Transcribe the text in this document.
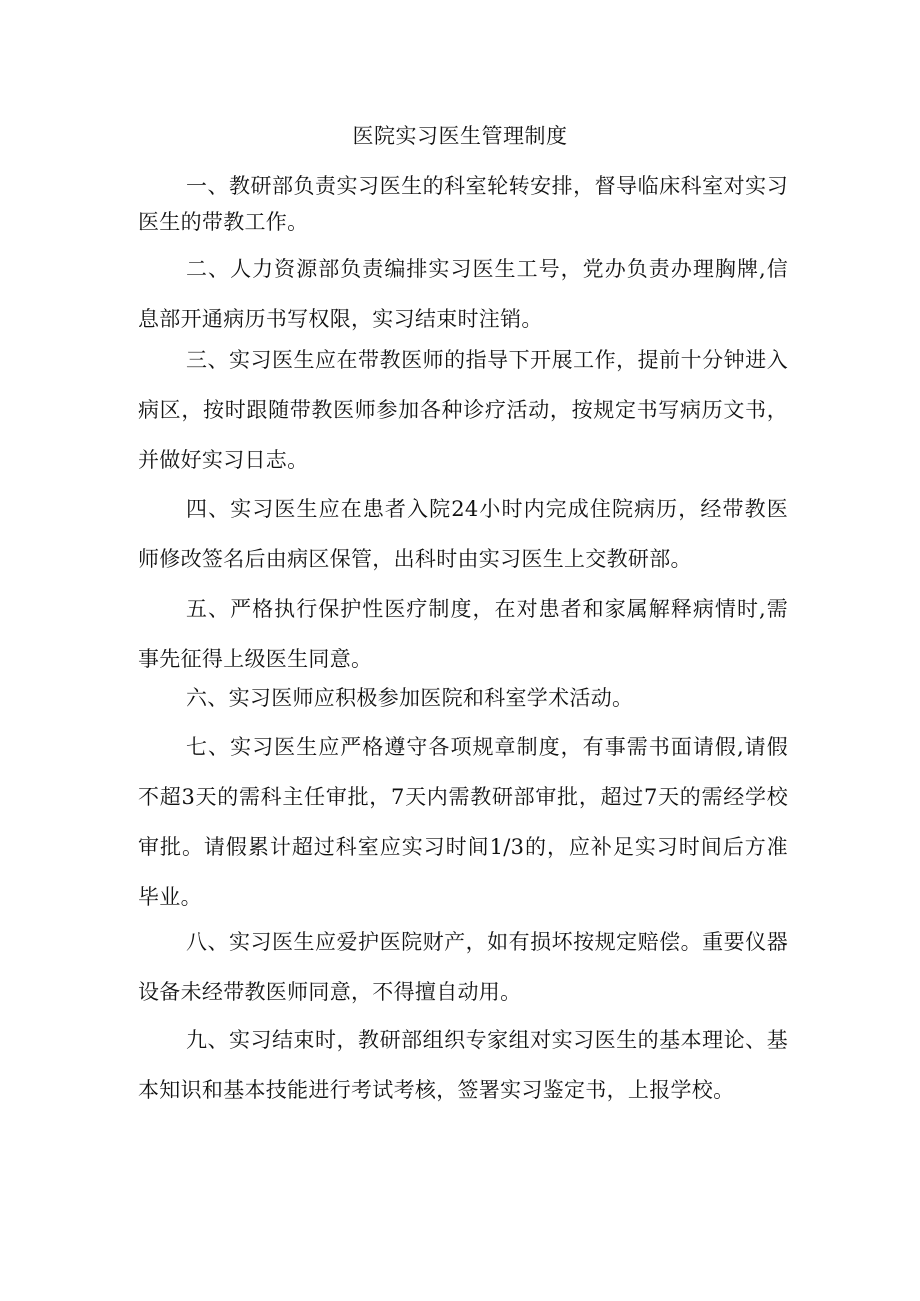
医院实习医生管理制度

一、教研部负责实习医生的科室轮转安排，督导临床科室对实习医生的带教工作。

二、人力资源部负责编排实习医生工号，党办负责办理胸牌,信息部开通病历书写权限，实习结束时注销。

三、实习医生应在带教医师的指导下开展工作，提前十分钟进入病区，按时跟随带教医师参加各种诊疗活动，按规定书写病历文书，并做好实习日志。

四、实习医生应在患者入院24小时内完成住院病历，经带教医师修改签名后由病区保管，出科时由实习医生上交教研部。

五、严格执行保护性医疗制度，在对患者和家属解释病情时,需事先征得上级医生同意。

六、实习医师应积极参加医院和科室学术活动。

七、实习医生应严格遵守各项规章制度，有事需书面请假,请假不超3天的需科主任审批，7天内需教研部审批，超过7天的需经学校审批。请假累计超过科室应实习时间1/3的，应补足实习时间后方准毕业。

八、实习医生应爱护医院财产，如有损坏按规定赔偿。重要仪器设备未经带教医师同意，不得擅自动用。

九、实习结束时，教研部组织专家组对实习医生的基本理论、基本知识和基本技能进行考试考核，签署实习鉴定书，上报学校。
